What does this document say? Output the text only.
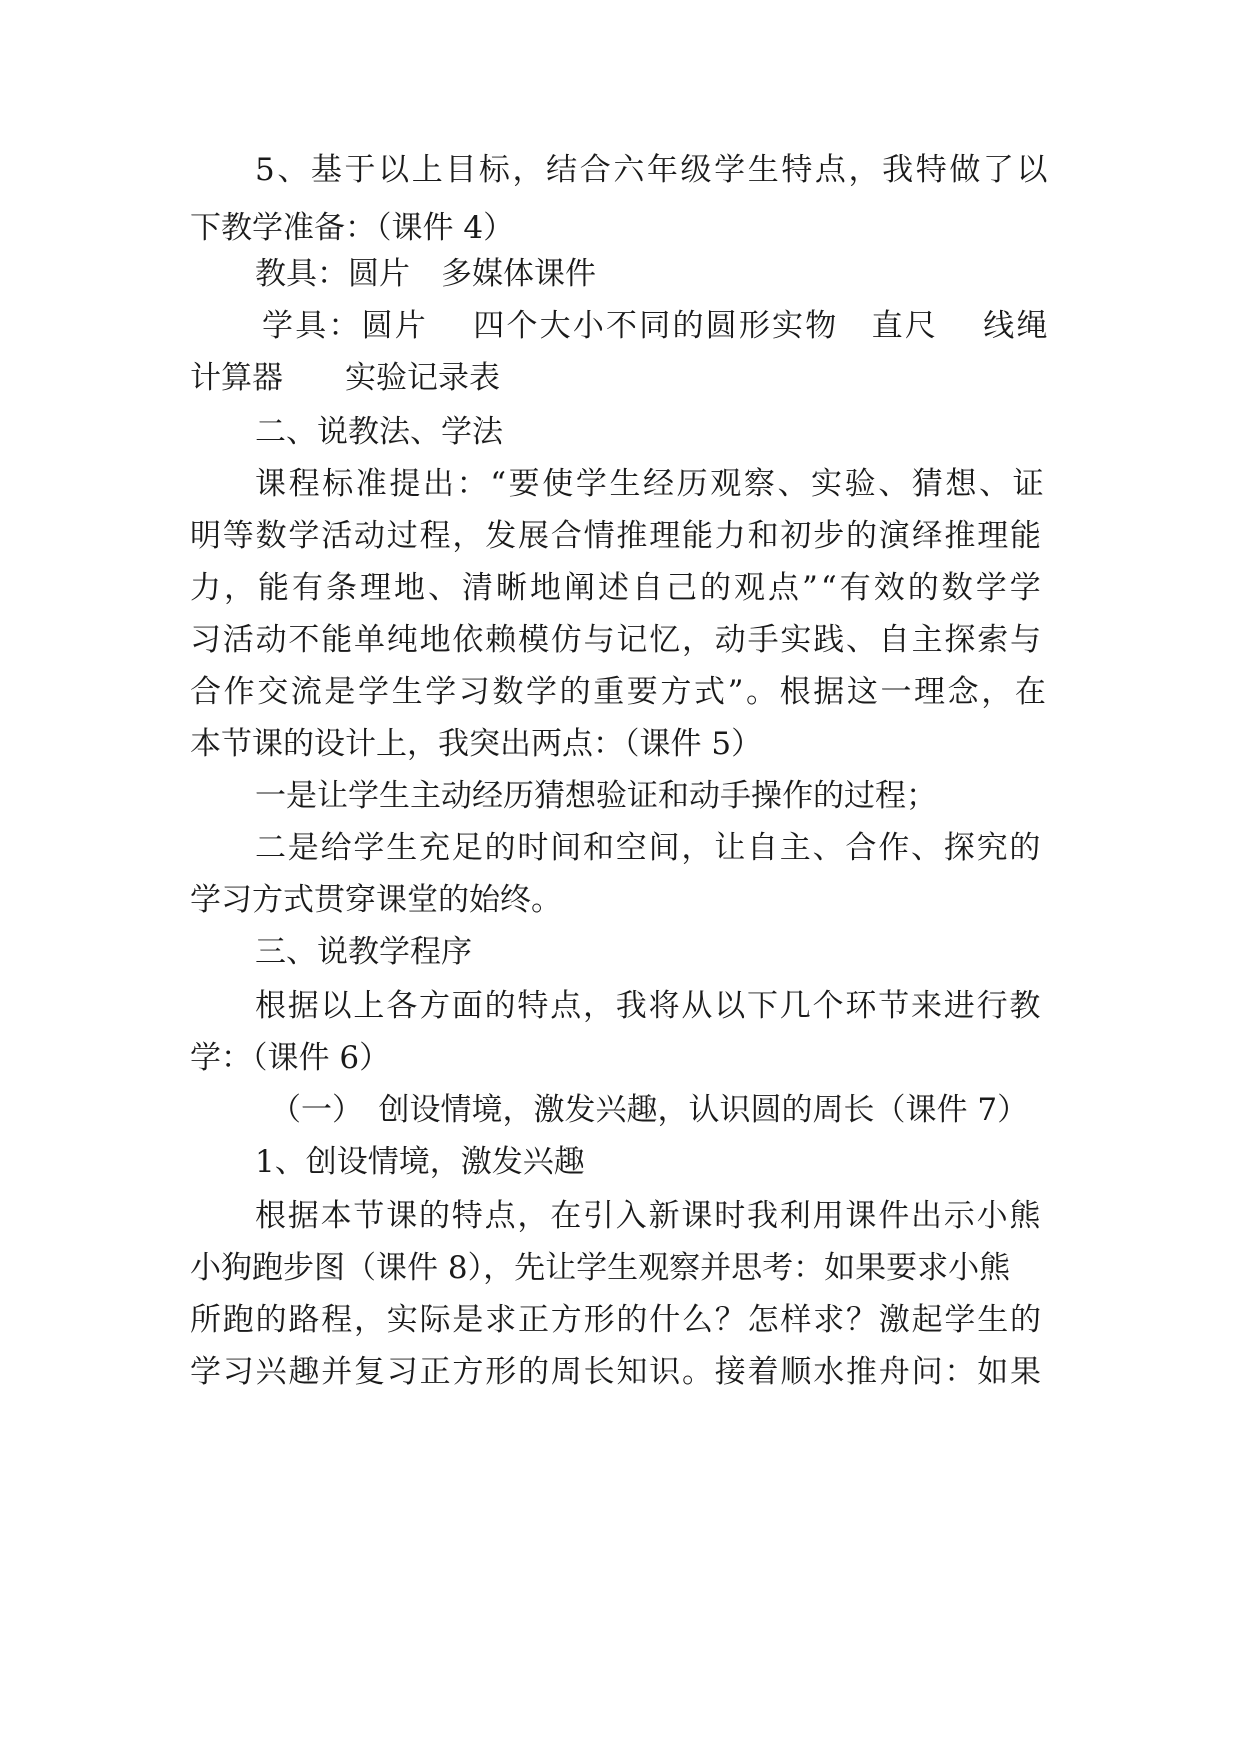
5、基于以上目标，结合六年级学生特点，我特做了以
下教学准备：（课件 4）
教具：圆片　多媒体课件
学具：圆片　 四个大小不同的圆形实物　直尺　 线绳
计算器　　实验记录表
二、说教法、学法
课程标准提出：“要使学生经历观察、实验、猜想、证
明等数学活动过程，发展合情推理能力和初步的演绎推理能
力，能有条理地、清晰地阐述自己的观点”“有效的数学学
习活动不能单纯地依赖模仿与记忆，动手实践、自主探索与
合作交流是学生学习数学的重要方式”。根据这一理念，在
本节课的设计上，我突出两点：（课件 5）
一是让学生主动经历猜想验证和动手操作的过程；
二是给学生充足的时间和空间，让自主、合作、探究的
学习方式贯穿课堂的始终。
三、说教学程序
根据以上各方面的特点，我将从以下几个环节来进行教
学：（课件 6）
（一）　创设情境，激发兴趣，认识圆的周长（课件 7）
1、创设情境，激发兴趣
根据本节课的特点，在引入新课时我利用课件出示小熊
小狗跑步图（课件 8），先让学生观察并思考：如果要求小熊
所跑的路程，实际是求正方形的什么？怎样求？激起学生的
学习兴趣并复习正方形的周长知识。接着顺水推舟问：如果
